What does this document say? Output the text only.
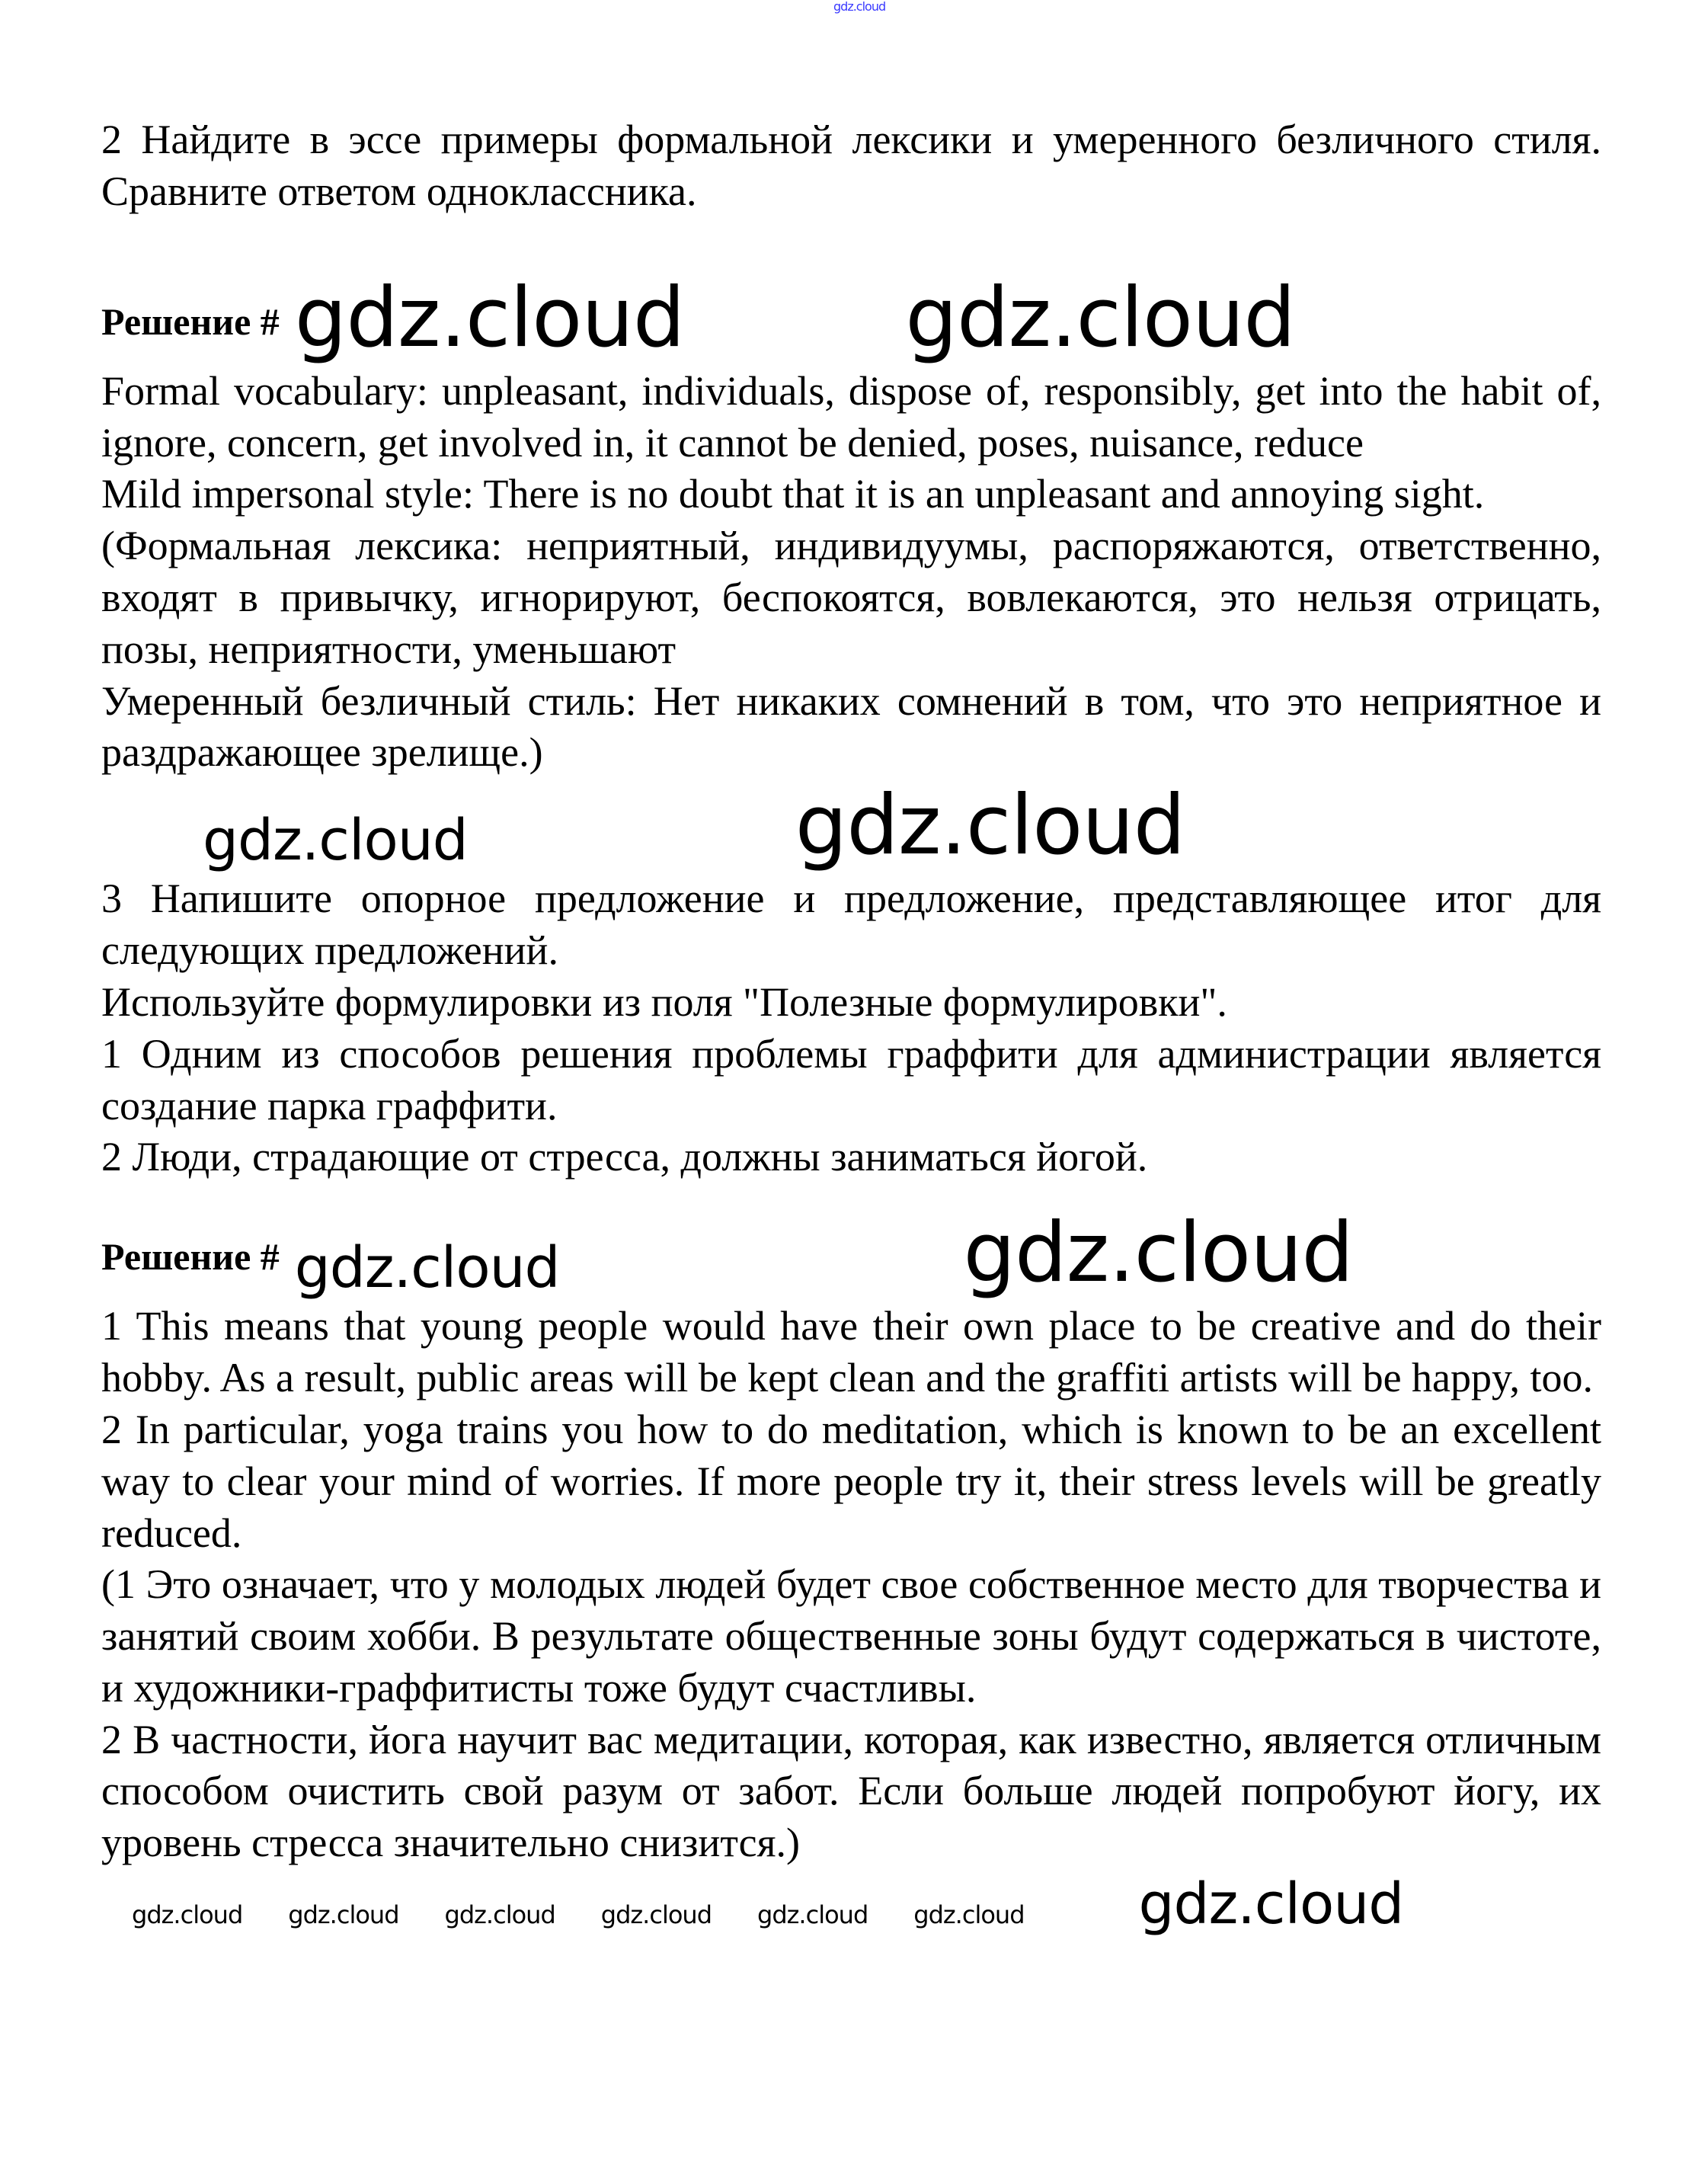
gdz.cloud
2 Найдите в эссе примеры формальной лексики и умеренного безличного стиля. Сравните ответом одноклассника.
Решение # gdz.cloud	gdz.cloud
Formal vocabulary: unpleasant, individuals, dispose of, responsibly, get into the habit of, ignore, concern, get involved in, it cannot be denied, poses, nuisance, reduce
Mild impersonal style: There is no doubt that it is an unpleasant and annoying sight.
(Формальная лексика: неприятный, индивидуумы, распоряжаются, ответственно, входят в привычку, игнорируют, беспокоятся, вовлекаются, это нельзя отрицать, позы, неприятности, уменьшают
Умеренный безличный стиль: Нет никаких сомнений в том, что это неприятное и раздражающее зрелище.)
gdz.cloud	gdz.cloud
3 Напишите опорное предложение и предложение, представляющее итог для следующих предложений.
Используйте формулировки из поля "Полезные формулировки".
1 Одним из способов решения проблемы граффити для администрации является создание парка граффити.
2 Люди, страдающие от стресса, должны заниматься йогой.
Решение # gdz.cloud	gdz.cloud
1 This means that young people would have their own place to be creative and do their hobby. As a result, public areas will be kept clean and the graffiti artists will be happy, too.
2 In particular, yoga trains you how to do meditation, which is known to be an excellent way to clear your mind of worries. If more people try it, their stress levels will be greatly reduced.
(1 Это означает, что у молодых людей будет свое собственное место для творчества и занятий своим хобби. В результате общественные зоны будут содержаться в чистоте, и художники-граффитисты тоже будут счастливы.
2 В частности, йога научит вас медитации, которая, как известно, является отличным способом очистить свой разум от забот. Если больше людей попробуют йогу, их уровень стресса значительно снизится.)
gdz.cloud gdz.cloud gdz.cloud gdz.cloud gdz.cloud gdz.cloud gdz.cloud
